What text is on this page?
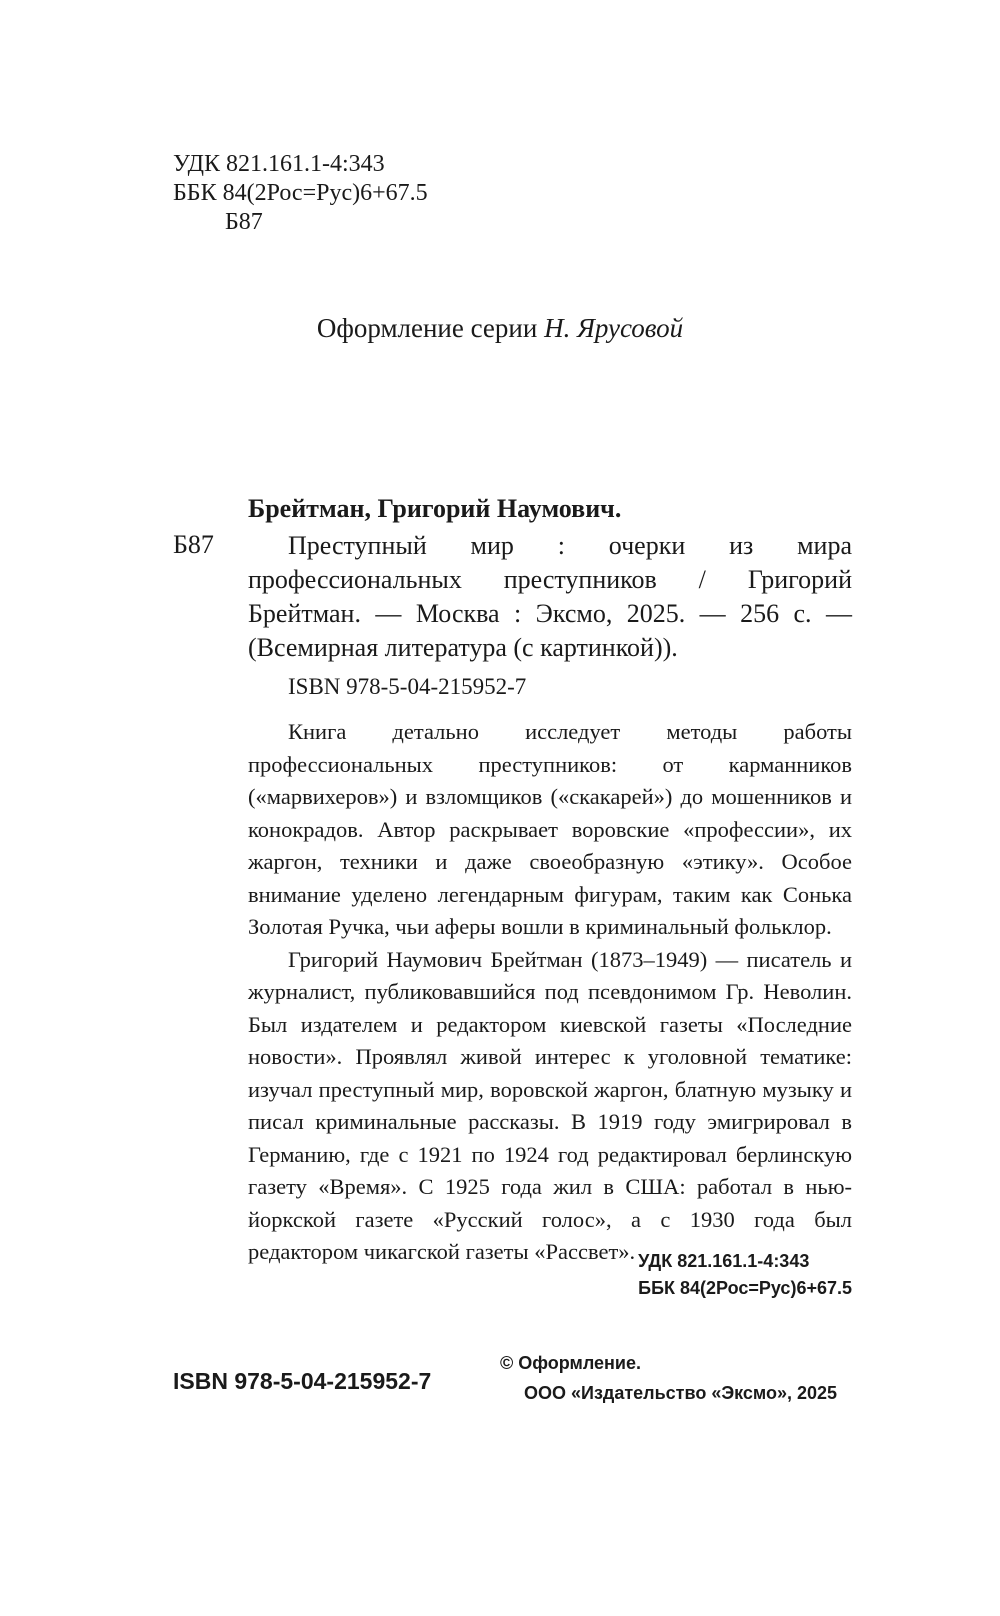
УДК 821.161.1-4:343
ББК 84(2Рос=Рус)6+67.5
Б87
Оформление серии Н. Ярусовой
Брейтман, Григорий Наумович.
Б87	Преступный мир : очерки из мира профессиональных преступников / Григорий Брейтман. — Москва : Эксмо, 2025. — 256 с. — (Всемирная литература (с картинкой)).

ISBN 978-5-04-215952-7

Книга детально исследует методы работы профессиональных преступников: от карманников («марвихеров») и взломщиков («скакарей») до мошенников и конокрадов. Автор раскрывает воровские «профессии», их жаргон, техники и даже своеобразную «этику». Особое внимание уделено легендарным фигурам, таким как Сонька Золотая Ручка, чьи аферы вошли в криминальный фольклор.

Григорий Наумович Брейтман (1873–1949) — писатель и журналист, публиковавшийся под псевдонимом Гр. Неволин. Был издателем и редактором киевской газеты «Последние новости». Проявлял живой интерес к уголовной тематике: изучал преступный мир, воровской жаргон, блатную музыку и писал криминальные рассказы. В 1919 году эмигрировал в Германию, где с 1921 по 1924 год редактировал берлинскую газету «Время». С 1925 года жил в США: работал в нью-йоркской газете «Русский голос», а с 1930 года был редактором чикагской газеты «Рассвет». УДК 821.161.1-4:343
ББК 84(2Рос=Рус)6+67.5
ISBN 978-5-04-215952-7
© Оформление.
ООО «Издательство «Эксмо», 2025
